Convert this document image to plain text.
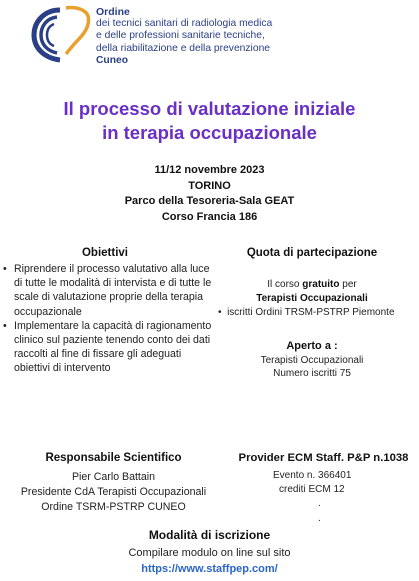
Ordine
dei tecnici sanitari di radiologia medica
e delle professioni sanitarie tecniche,
della riabilitazione e della prevenzione
Cuneo
Il processo di valutazione iniziale
in terapia occupazionale
11/12 novembre 2023
TORINO
Parco della Tesoreria-Sala GEAT
Corso Francia 186
Obiettivi
• Riprendere il processo valutativo alla luce di tutte le modalità di intervista e di tutte le scale di valutazione proprie della terapia occupazionale
• Implementare la capacità di ragionamento clinico sul paziente tenendo conto dei dati raccolti al fine di fissare gli adeguati obiettivi di intervento
Quota di partecipazione
Il corso gratuito per
Terapisti Occupazionali
•  iscritti Ordini TRSM-PSTRP Piemonte
Aperto a :
Terapisti Occupazionali
Numero iscritti 75
Responsabile Scientifico
Pier Carlo Battain
Presidente CdA Terapisti Occupazionali
Ordine TSRM-PSTRP CUNEO
Provider ECM Staff. P&P n.1038
Evento n. 366401
crediti ECM 12
.
.
Modalità di iscrizione
Compilare modulo on line sul sito
https://www.staffpep.com/
